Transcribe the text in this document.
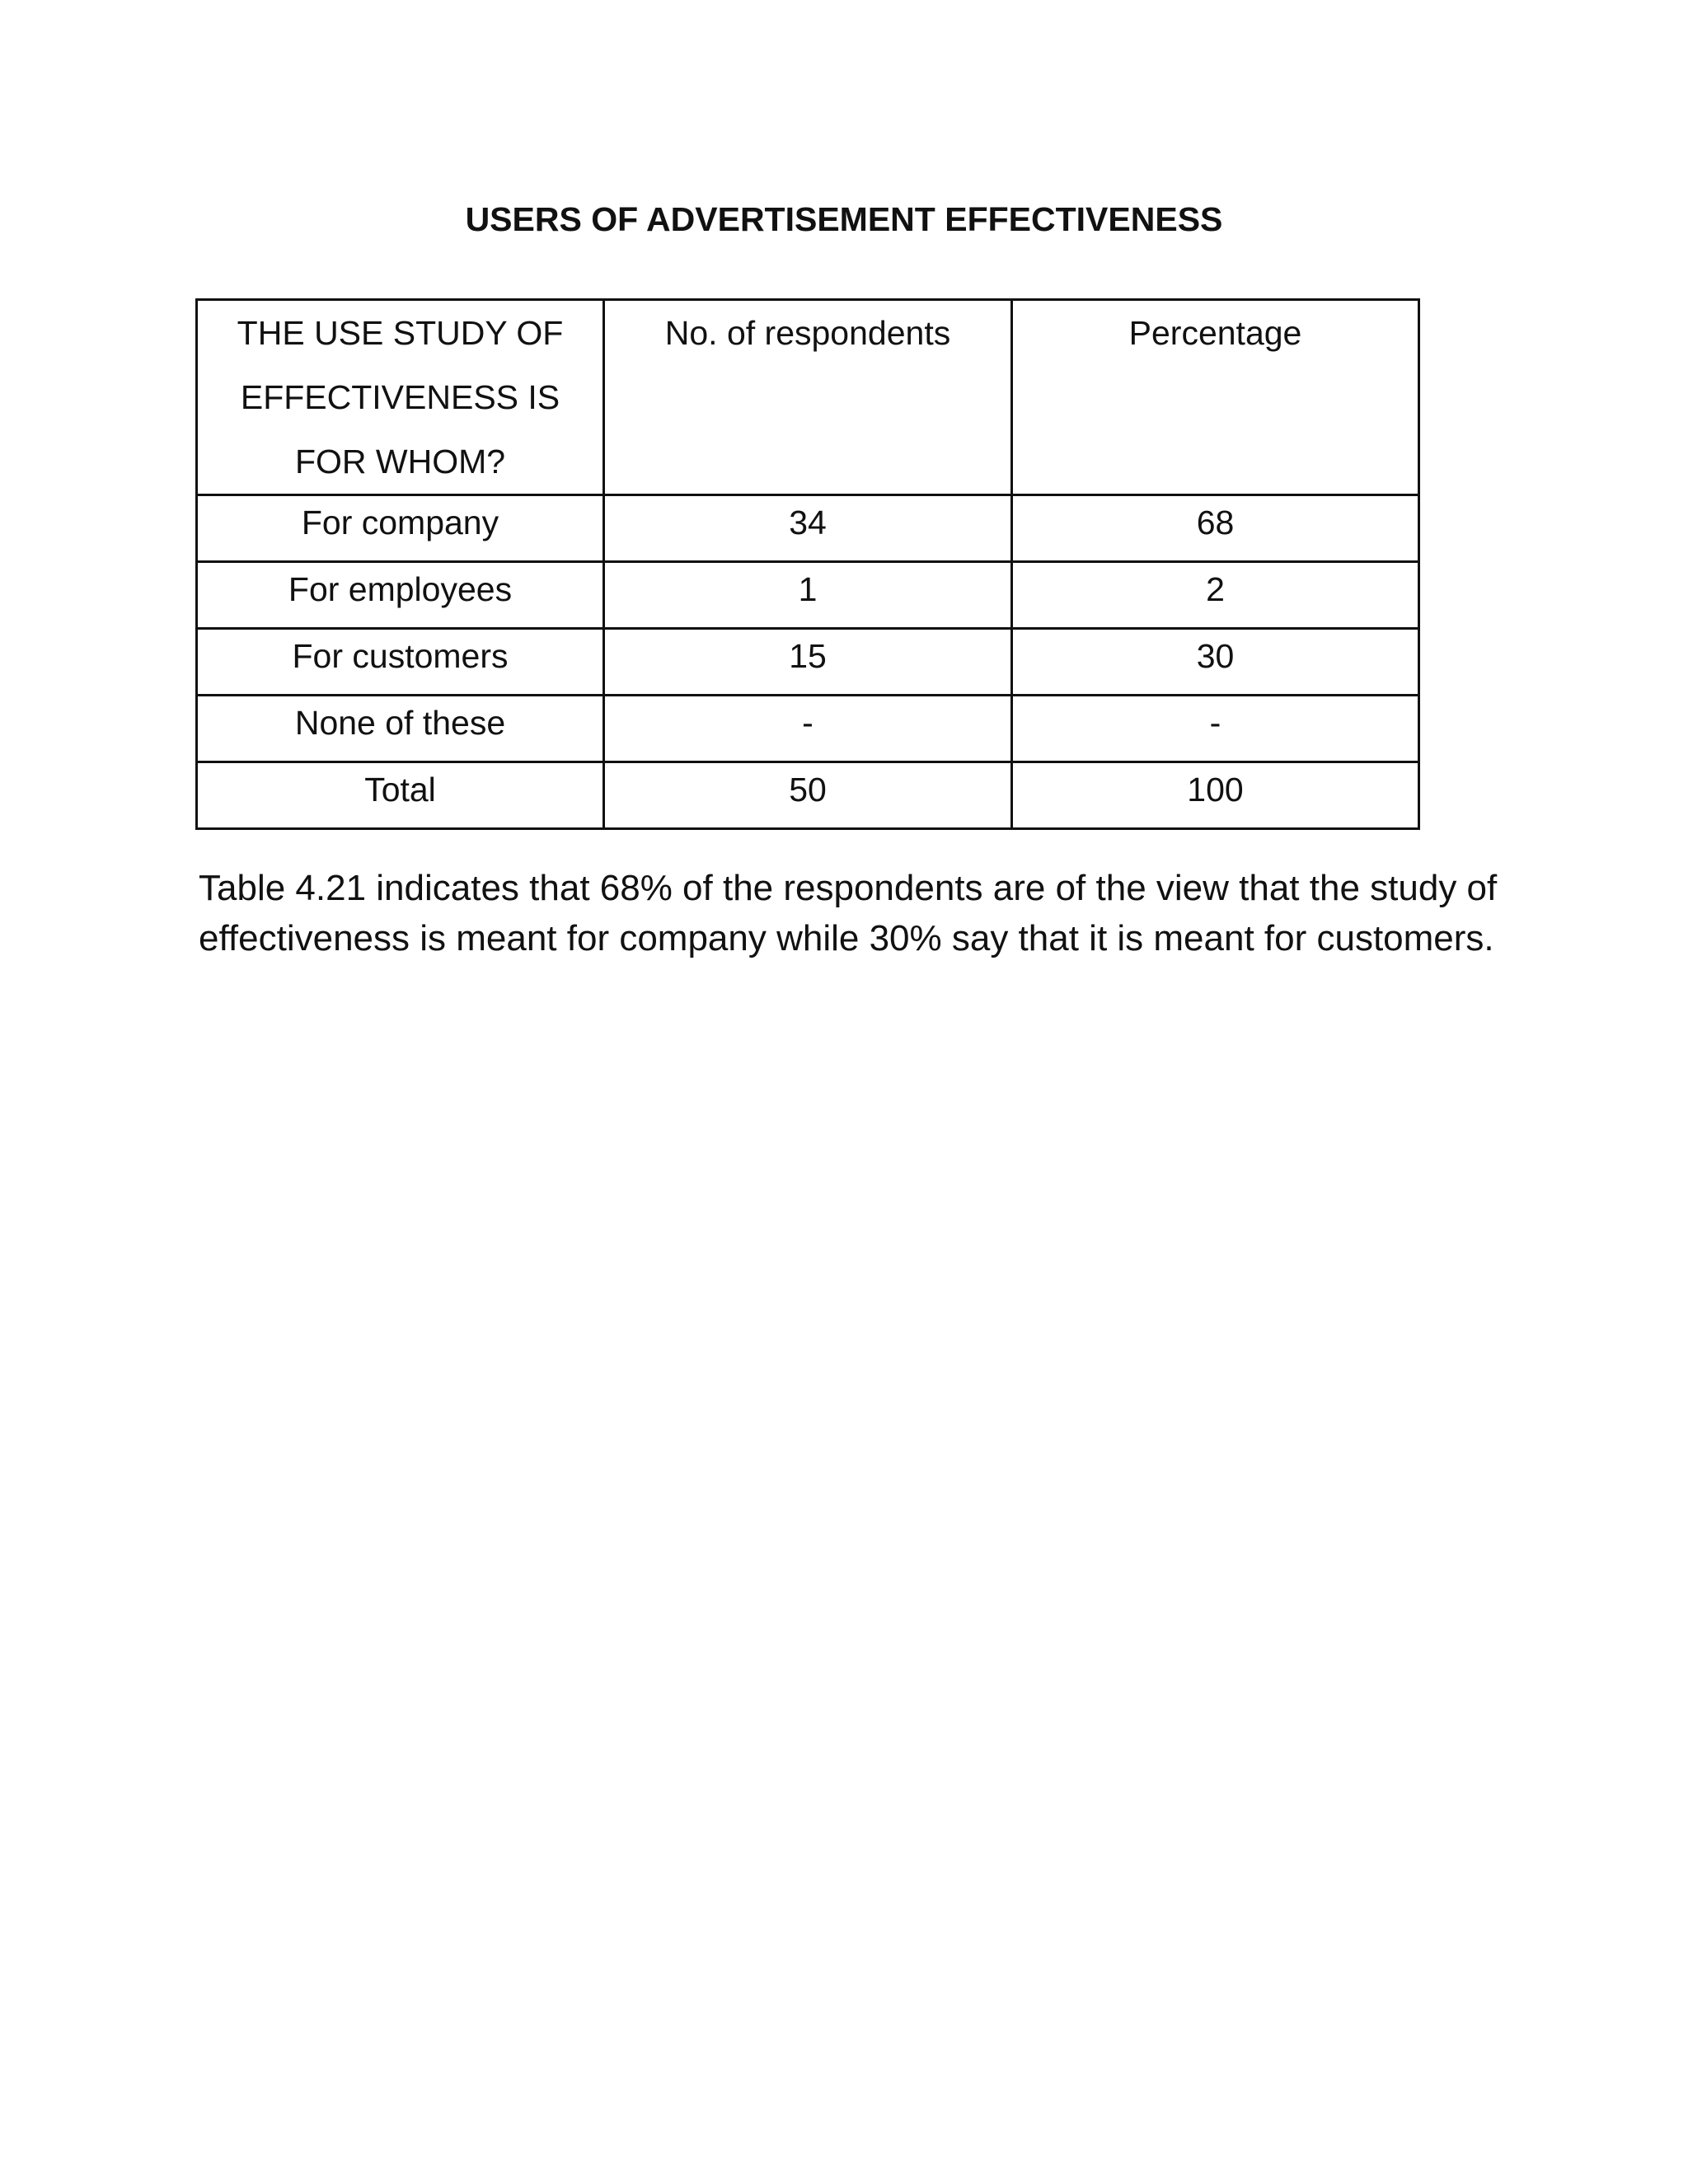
USERS OF ADVERTISEMENT EFFECTIVENESS
THE USE STUDY OF EFFECTIVENESS IS FOR WHOM?	No. of respondents	Percentage
For company	34	68
For employees	1	2
For customers	15	30
None of these	-	-
Total	50	100

Table 4.21 indicates that 68% of the respondents are of the view that the study of effectiveness is meant for company while 30% say that it is meant for customers.
